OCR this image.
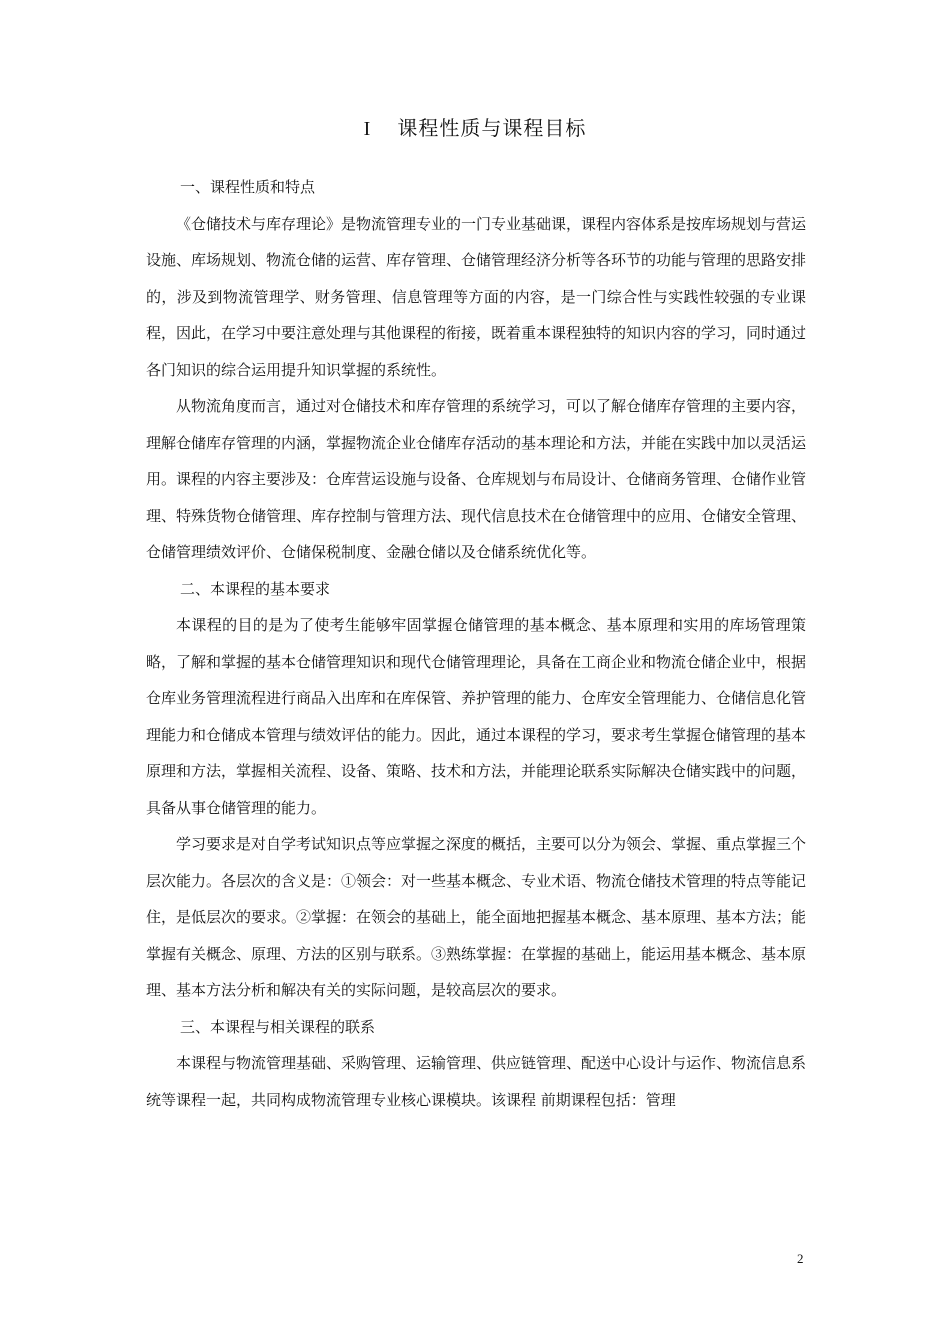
I 课程性质与课程目标

一、课程性质和特点

《仓储技术与库存理论》是物流管理专业的一门专业基础课，课程内容体系是按库场规划与营运设施、库场规划、物流仓储的运营、库存管理、仓储管理经济分析等各环节的功能与管理的思路安排的，涉及到物流管理学、财务管理、信息管理等方面的内容，是一门综合性与实践性较强的专业课程，因此，在学习中要注意处理与其他课程的衔接，既着重本课程独特的知识内容的学习，同时通过各门知识的综合运用提升知识掌握的系统性。

从物流角度而言，通过对仓储技术和库存管理的系统学习，可以了解仓储库存管理的主要内容，理解仓储库存管理的内涵，掌握物流企业仓储库存活动的基本理论和方法，并能在实践中加以灵活运用。课程的内容主要涉及：仓库营运设施与设备、仓库规划与布局设计、仓储商务管理、仓储作业管理、特殊货物仓储管理、库存控制与管理方法、现代信息技术在仓储管理中的应用、仓储安全管理、仓储管理绩效评价、仓储保税制度、金融仓储以及仓储系统优化等。

二、本课程的基本要求

本课程的目的是为了使考生能够牢固掌握仓储管理的基本概念、基本原理和实用的库场管理策略，了解和掌握的基本仓储管理知识和现代仓储管理理论，具备在工商企业和物流仓储企业中，根据仓库业务管理流程进行商品入出库和在库保管、养护管理的能力、仓库安全管理能力、仓储信息化管理能力和仓储成本管理与绩效评估的能力。因此，通过本课程的学习，要求考生掌握仓储管理的基本原理和方法，掌握相关流程、设备、策略、技术和方法，并能理论联系实际解决仓储实践中的问题，具备从事仓储管理的能力。

学习要求是对自学考试知识点等应掌握之深度的概括，主要可以分为领会、掌握、重点掌握三个层次能力。各层次的含义是：①领会：对一些基本概念、专业术语、物流仓储技术管理的特点等能记住，是低层次的要求。②掌握：在领会的基础上，能全面地把握基本概念、基本原理、基本方法；能掌握有关概念、原理、方法的区别与联系。③熟练掌握：在掌握的基础上，能运用基本概念、基本原理、基本方法分析和解决有关的实际问题，是较高层次的要求。

三、本课程与相关课程的联系

本课程与物流管理基础、采购管理、运输管理、供应链管理、配送中心设计与运作、物流信息系统等课程一起，共同构成物流管理专业核心课模块。该课程 前期课程包括：管理

2
